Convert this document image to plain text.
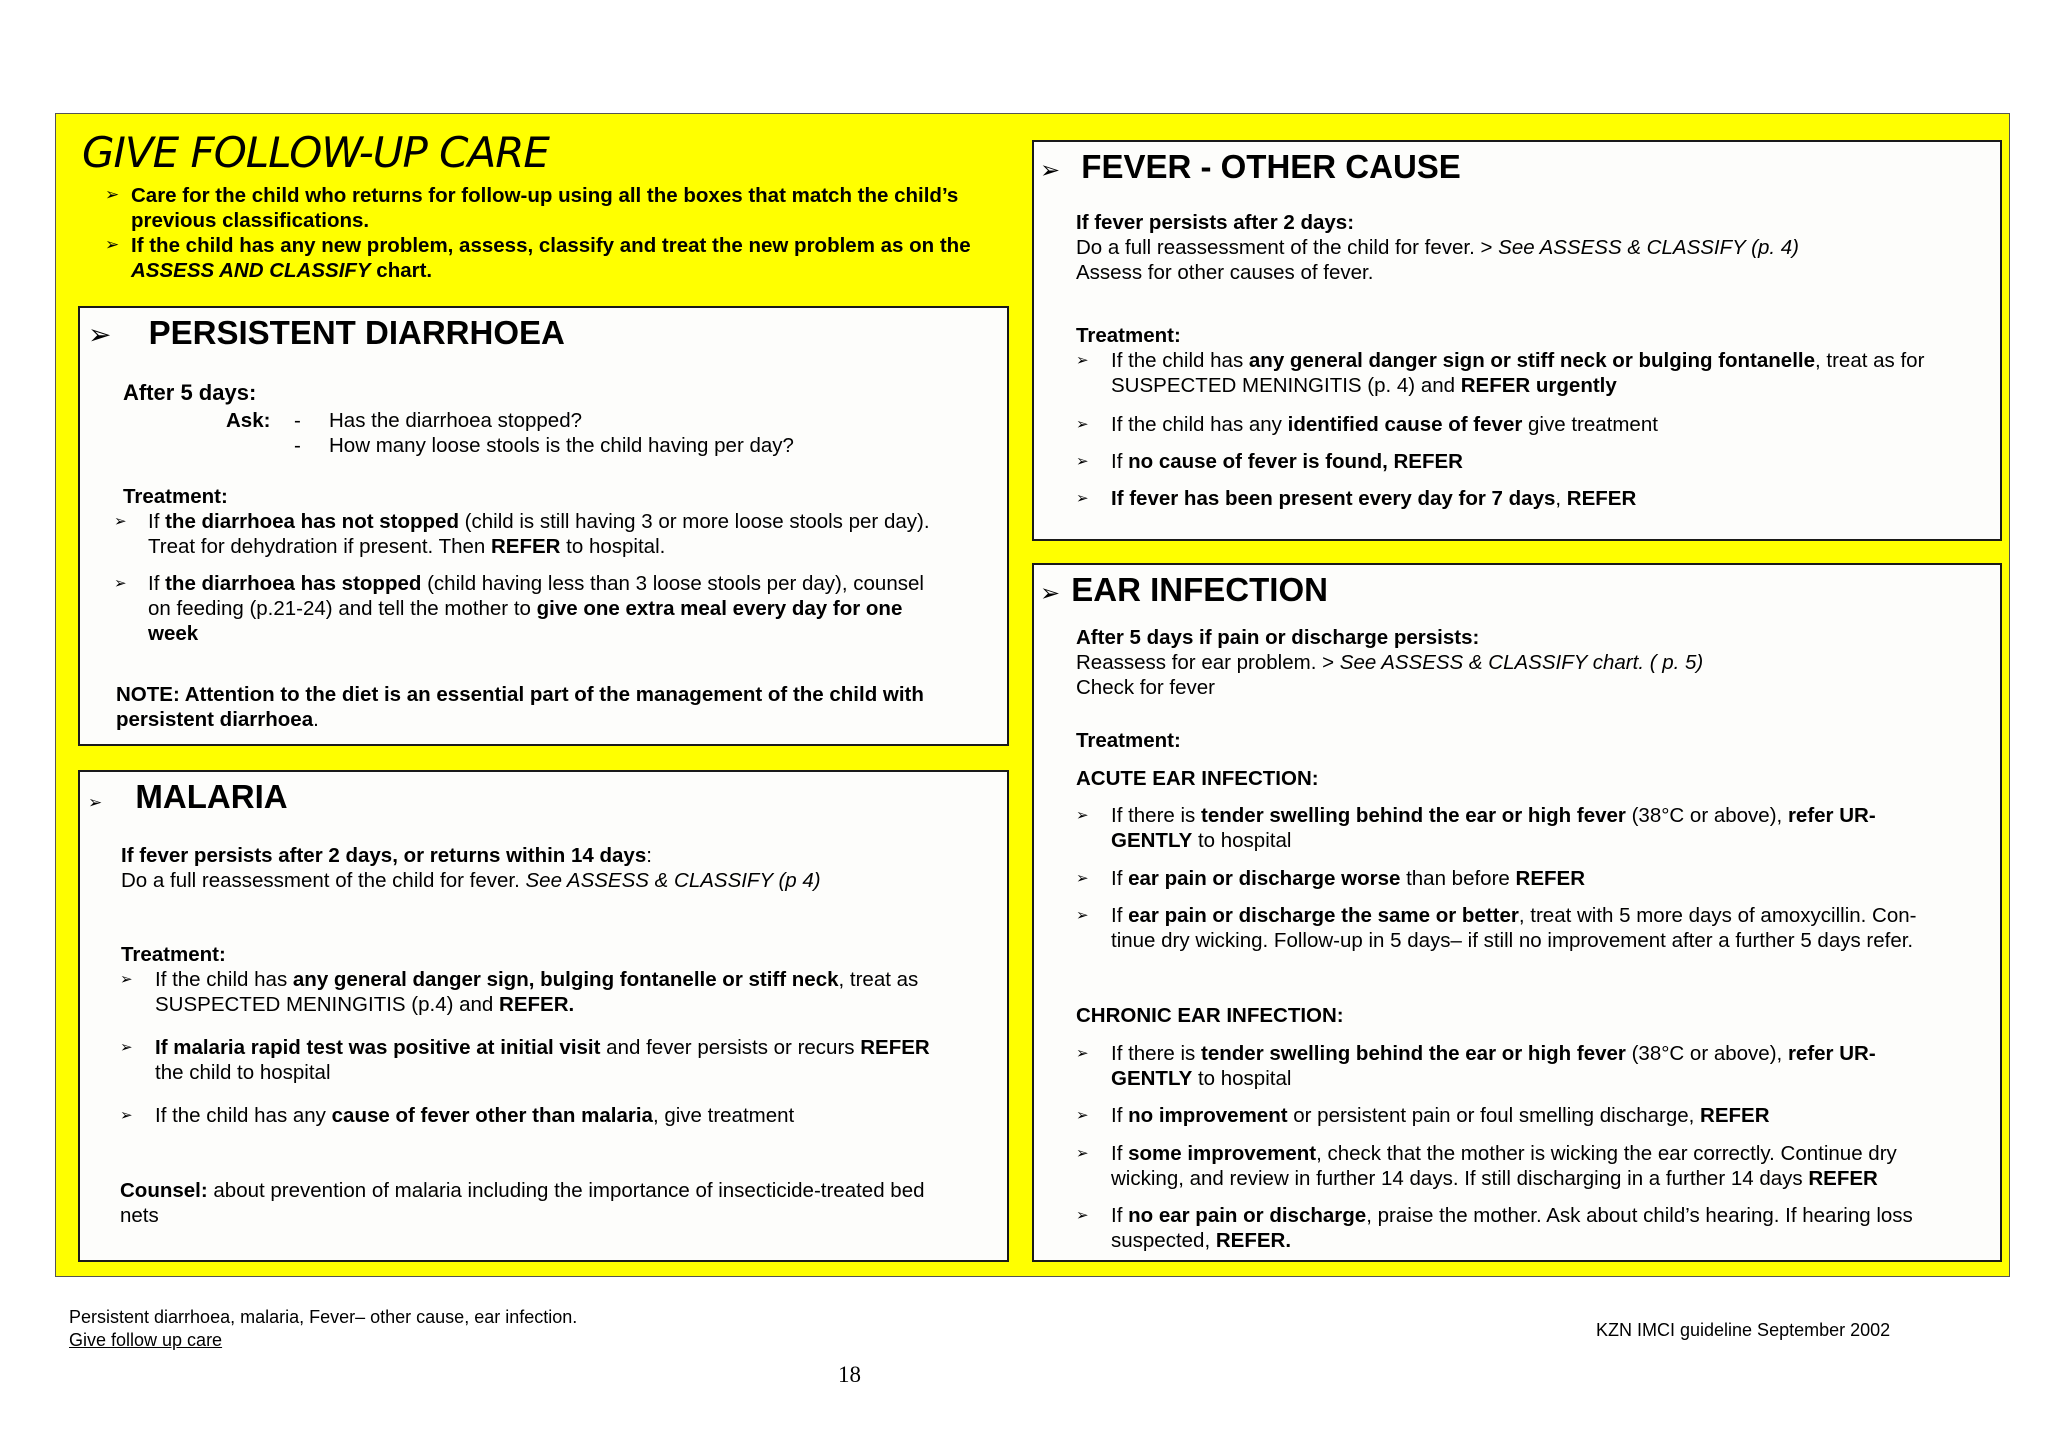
GIVE FOLLOW-UP CARE
➢ Care for the child who returns for follow-up using all the boxes that match the child’s previous classifications.
➢ If the child has any new problem, assess, classify and treat the new problem as on the ASSESS AND CLASSIFY chart.
➢ PERSISTENT DIARRHOEA
After 5 days:
Ask: - Has the diarrhoea stopped?
- How many loose stools is the child having per day?
Treatment:
➢ If the diarrhoea has not stopped (child is still having 3 or more loose stools per day).
Treat for dehydration if present. Then REFER to hospital.
➢ If the diarrhoea has stopped (child having less than 3 loose stools per day), counsel
on feeding (p.21-24) and tell the mother to give one extra meal every day for one
week
NOTE: Attention to the diet is an essential part of the management of the child with
persistent diarrhoea.
➢ MALARIA
If fever persists after 2 days, or returns within 14 days:
Do a full reassessment of the child for fever. See ASSESS & CLASSIFY (p 4)
Treatment:
➢ If the child has any general danger sign, bulging fontanelle or stiff neck, treat as
SUSPECTED MENINGITIS (p.4) and REFER.
➢ If malaria rapid test was positive at initial visit and fever persists or recurs REFER
the child to hospital
➢ If the child has any cause of fever other than malaria, give treatment
Counsel: about prevention of malaria including the importance of insecticide-treated bed
nets
➢ FEVER - OTHER CAUSE
If fever persists after 2 days:
Do a full reassessment of the child for fever. > See ASSESS & CLASSIFY (p. 4)
Assess for other causes of fever.
Treatment:
➢ If the child has any general danger sign or stiff neck or bulging fontanelle, treat as for
SUSPECTED MENINGITIS (p. 4) and REFER urgently
➢ If the child has any identified cause of fever give treatment
➢ If no cause of fever is found, REFER
➢ If fever has been present every day for 7 days, REFER
➢ EAR INFECTION
After 5 days if pain or discharge persists:
Reassess for ear problem. > See ASSESS & CLASSIFY chart. ( p. 5)
Check for fever
Treatment:
ACUTE EAR INFECTION:
➢ If there is tender swelling behind the ear or high fever (38°C or above), refer UR-
GENTLY to hospital
➢ If ear pain or discharge worse than before REFER
➢ If ear pain or discharge the same or better, treat with 5 more days of amoxycillin. Con-
tinue dry wicking. Follow-up in 5 days– if still no improvement after a further 5 days refer.
CHRONIC EAR INFECTION:
➢ If there is tender swelling behind the ear or high fever (38°C or above), refer UR-
GENTLY to hospital
➢ If no improvement or persistent pain or foul smelling discharge, REFER
➢ If some improvement, check that the mother is wicking the ear correctly. Continue dry
wicking, and review in further 14 days. If still discharging in a further 14 days REFER
➢ If no ear pain or discharge, praise the mother. Ask about child’s hearing. If hearing loss
suspected, REFER.
Persistent diarrhoea, malaria, Fever– other cause, ear infection.
Give follow up care	KZN IMCI guideline September 2002
18
